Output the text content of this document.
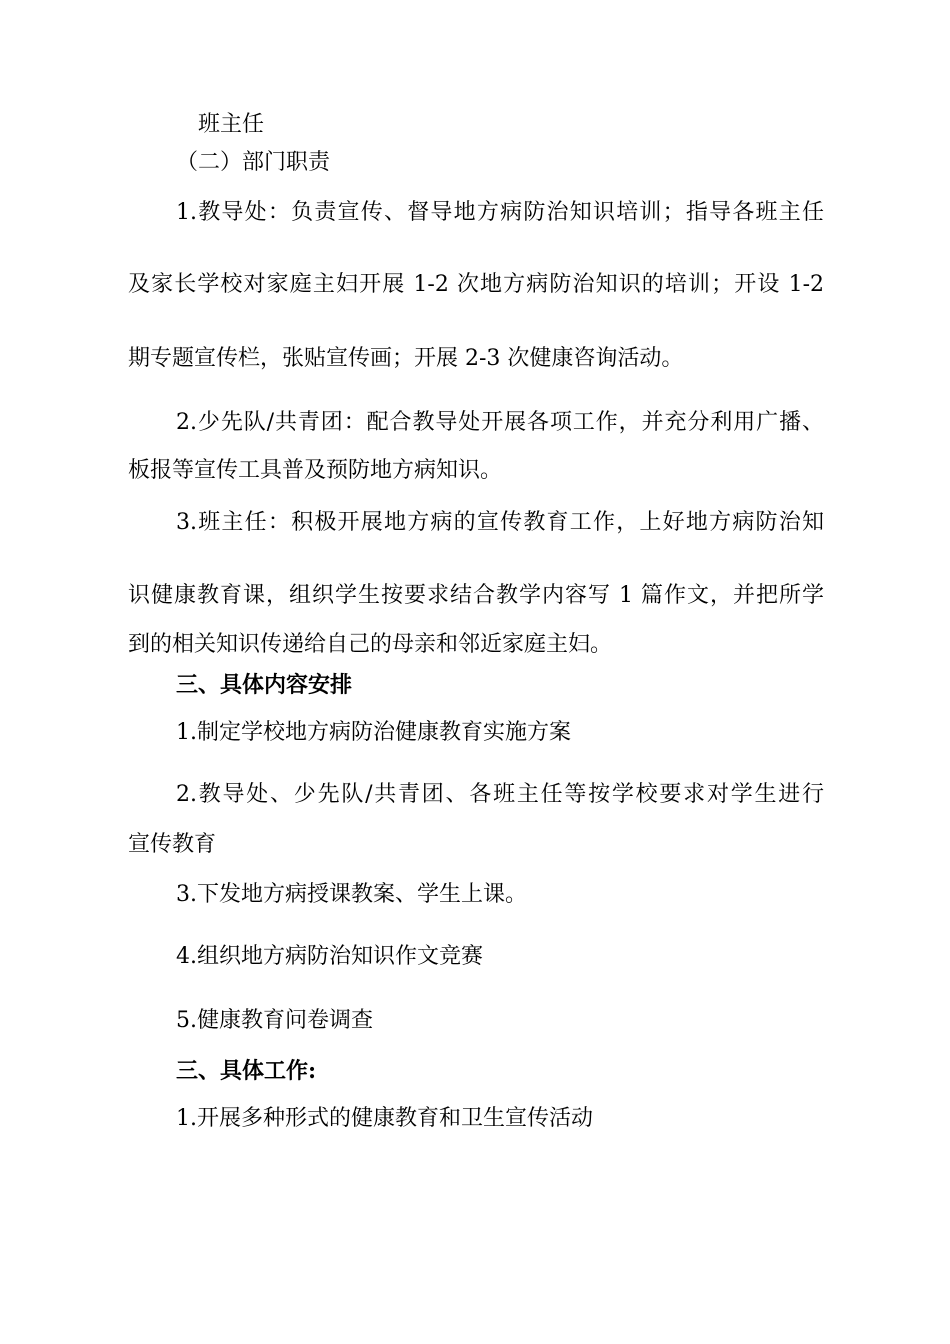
班主任
（二）部门职责
1.教导处：负责宣传、督导地方病防治知识培训；指导各班主任
及家长学校对家庭主妇开展 1-2 次地方病防治知识的培训；开设 1-2
期专题宣传栏，张贴宣传画；开展 2-3 次健康咨询活动。
2.少先队/共青团：配合教导处开展各项工作，并充分利用广播、
板报等宣传工具普及预防地方病知识。
3.班主任：积极开展地方病的宣传教育工作，上好地方病防治知
识健康教育课，组织学生按要求结合教学内容写 1 篇作文，并把所学
到的相关知识传递给自己的母亲和邻近家庭主妇。
三、具体内容安排
1.制定学校地方病防治健康教育实施方案
2.教导处、少先队/共青团、各班主任等按学校要求对学生进行
宣传教育
3.下发地方病授课教案、学生上课。
4.组织地方病防治知识作文竞赛
5.健康教育问卷调查
三、具体工作:
1.开展多种形式的健康教育和卫生宣传活动
